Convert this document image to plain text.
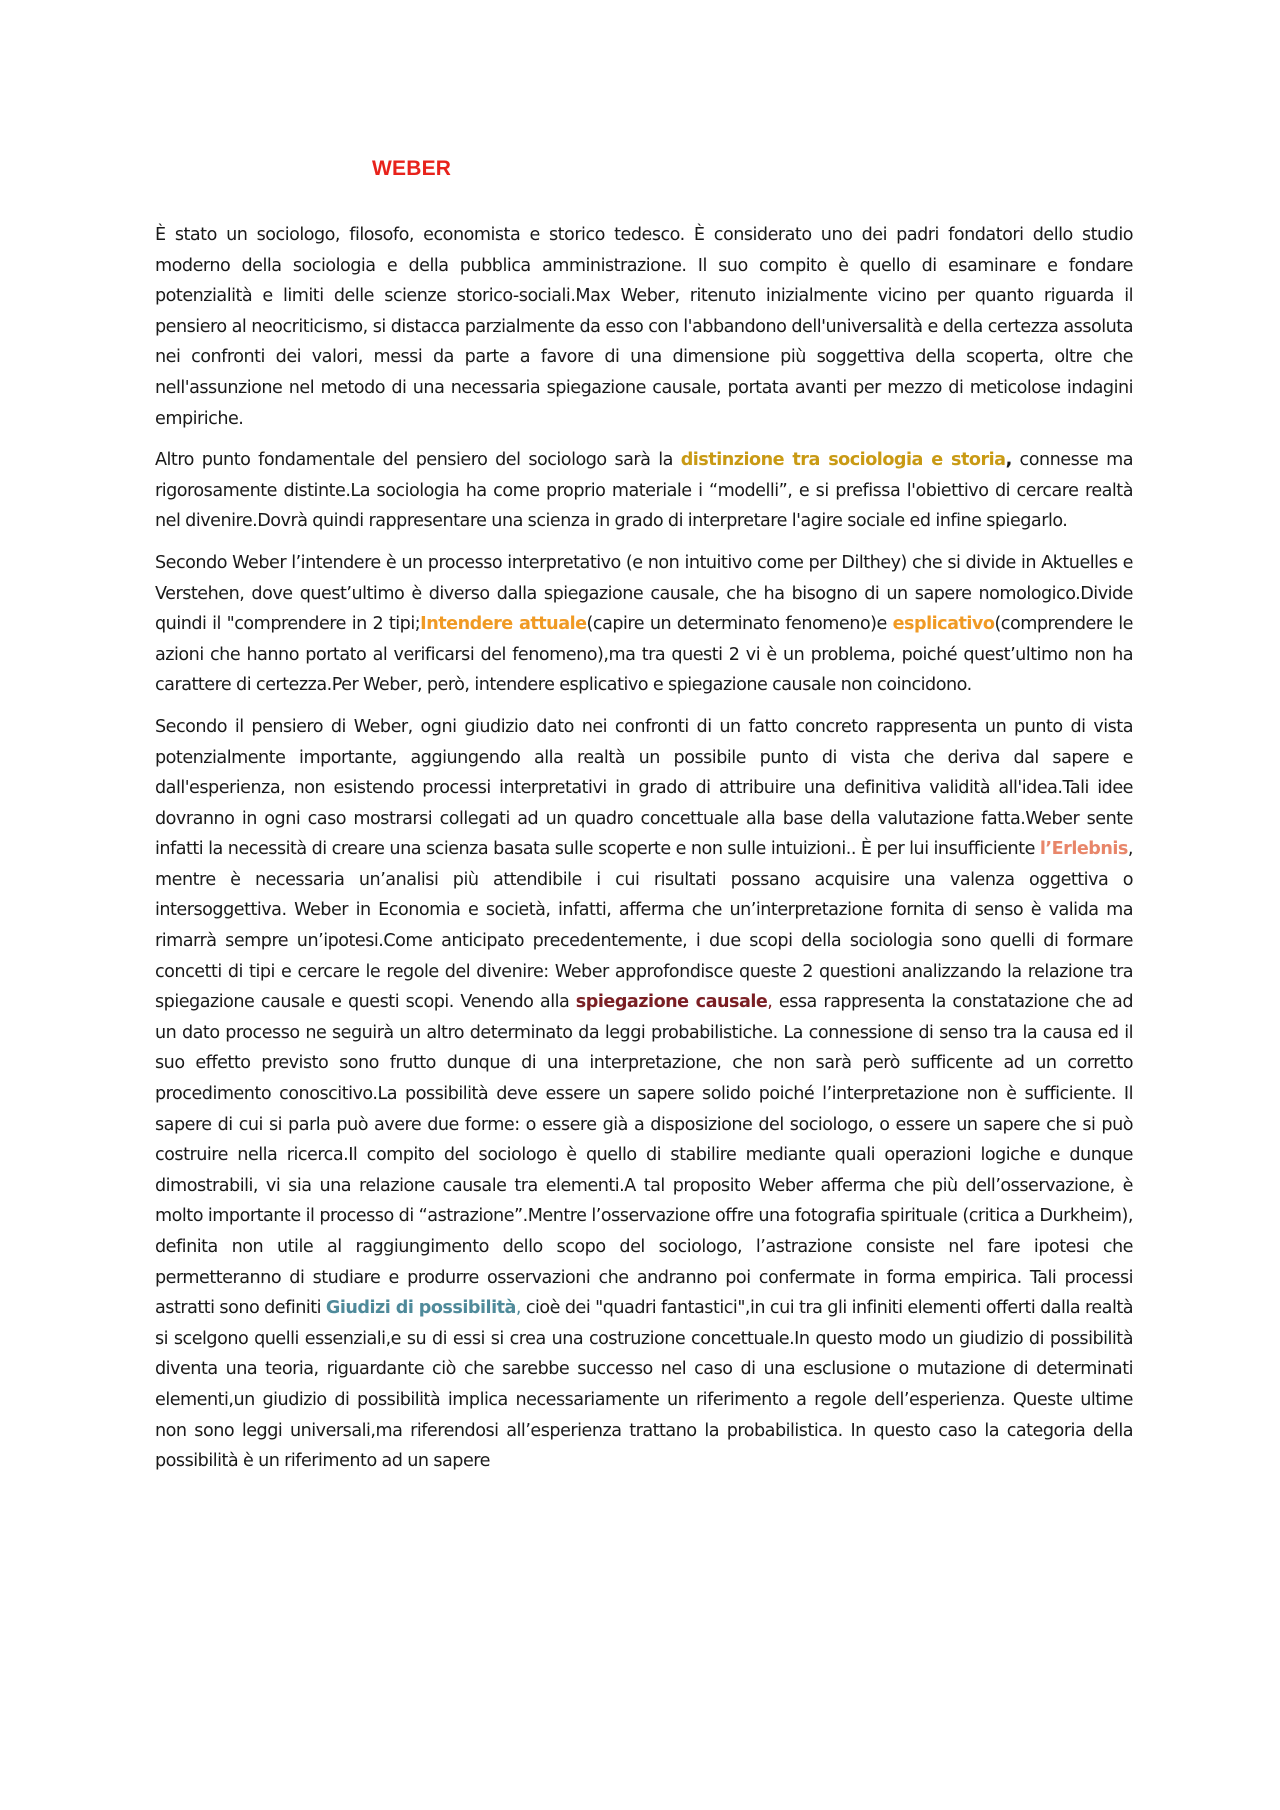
WEBER

È stato un sociologo, filosofo, economista e storico tedesco. È considerato uno dei padri fondatori dello studio moderno della sociologia e della pubblica amministrazione. Il suo compito è quello di esaminare e fondare potenzialità e limiti delle scienze storico-sociali.Max Weber, ritenuto inizialmente vicino per quanto riguarda il pensiero al neocriticismo, si distacca parzialmente da esso con l'abbandono dell'universalità e della certezza assoluta nei confronti dei valori, messi da parte a favore di una dimensione più soggettiva della scoperta, oltre che nell'assunzione nel metodo di una necessaria spiegazione causale, portata avanti per mezzo di meticolose indagini empiriche.

Altro punto fondamentale del pensiero del sociologo sarà la distinzione tra sociologia e storia, connesse ma rigorosamente distinte.La sociologia ha come proprio materiale i “modelli”, e si prefissa l'obiettivo di cercare realtà nel divenire.Dovrà quindi rappresentare una scienza in grado di interpretare l'agire sociale ed infine spiegarlo.

Secondo Weber l’intendere è un processo interpretativo (e non intuitivo come per Dilthey) che si divide in Aktuelles e Verstehen, dove quest’ultimo è diverso dalla spiegazione causale, che ha bisogno di un sapere nomologico.Divide quindi il "comprendere in 2 tipi;Intendere attuale(capire un determinato fenomeno)e esplicativo(comprendere le azioni che hanno portato al verificarsi del fenomeno),ma tra questi 2 vi è un problema, poiché quest’ultimo non ha carattere di certezza.Per Weber, però, intendere esplicativo e spiegazione causale non coincidono.

Secondo il pensiero di Weber, ogni giudizio dato nei confronti di un fatto concreto rappresenta un punto di vista potenzialmente importante, aggiungendo alla realtà un possibile punto di vista che deriva dal sapere e dall'esperienza, non esistendo processi interpretativi in grado di attribuire una definitiva validità all'idea.Tali idee dovranno in ogni caso mostrarsi collegati ad un quadro concettuale alla base della valutazione fatta.Weber sente infatti la necessità di creare una scienza basata sulle scoperte e non sulle intuizioni.. È per lui insufficiente l’Erlebnis, mentre è necessaria un’analisi più attendibile i cui risultati possano acquisire una valenza oggettiva o intersoggettiva. Weber in Economia e società, infatti, afferma che un’interpretazione fornita di senso è valida ma rimarrà sempre un’ipotesi.Come anticipato precedentemente, i due scopi della sociologia sono quelli di formare concetti di tipi e cercare le regole del divenire: Weber approfondisce queste 2 questioni analizzando la relazione tra spiegazione causale e questi scopi. Venendo alla spiegazione causale, essa rappresenta la constatazione che ad un dato processo ne seguirà un altro determinato da leggi probabilistiche. La connessione di senso tra la causa ed il suo effetto previsto sono frutto dunque di una interpretazione, che non sarà però sufficente ad un corretto procedimento conoscitivo.La possibilità deve essere un sapere solido poiché l’interpretazione non è sufficiente. Il sapere di cui si parla può avere due forme: o essere già a disposizione del sociologo, o essere un sapere che si può costruire nella ricerca.Il compito del sociologo è quello di stabilire mediante quali operazioni logiche e dunque dimostrabili, vi sia una relazione causale tra elementi.A tal proposito Weber afferma che più dell’osservazione, è molto importante il processo di “astrazione”.Mentre l’osservazione offre una fotografia spirituale (critica a Durkheim), definita non utile al raggiungimento dello scopo del sociologo, l’astrazione consiste nel fare ipotesi che permetteranno di studiare e produrre osservazioni che andranno poi confermate in forma empirica. Tali processi astratti sono definiti Giudizi di possibilità, cioè dei "quadri fantastici",in cui tra gli infiniti elementi offerti dalla realtà si scelgono quelli essenziali,e su di essi si crea una costruzione concettuale.In questo modo un giudizio di possibilità diventa una teoria, riguardante ciò che sarebbe successo nel caso di una esclusione o mutazione di determinati elementi,un giudizio di possibilità implica necessariamente un riferimento a regole dell’esperienza. Queste ultime non sono leggi universali,ma riferendosi all’esperienza trattano la probabilistica. In questo caso la categoria della possibilità è un riferimento ad un sapere
